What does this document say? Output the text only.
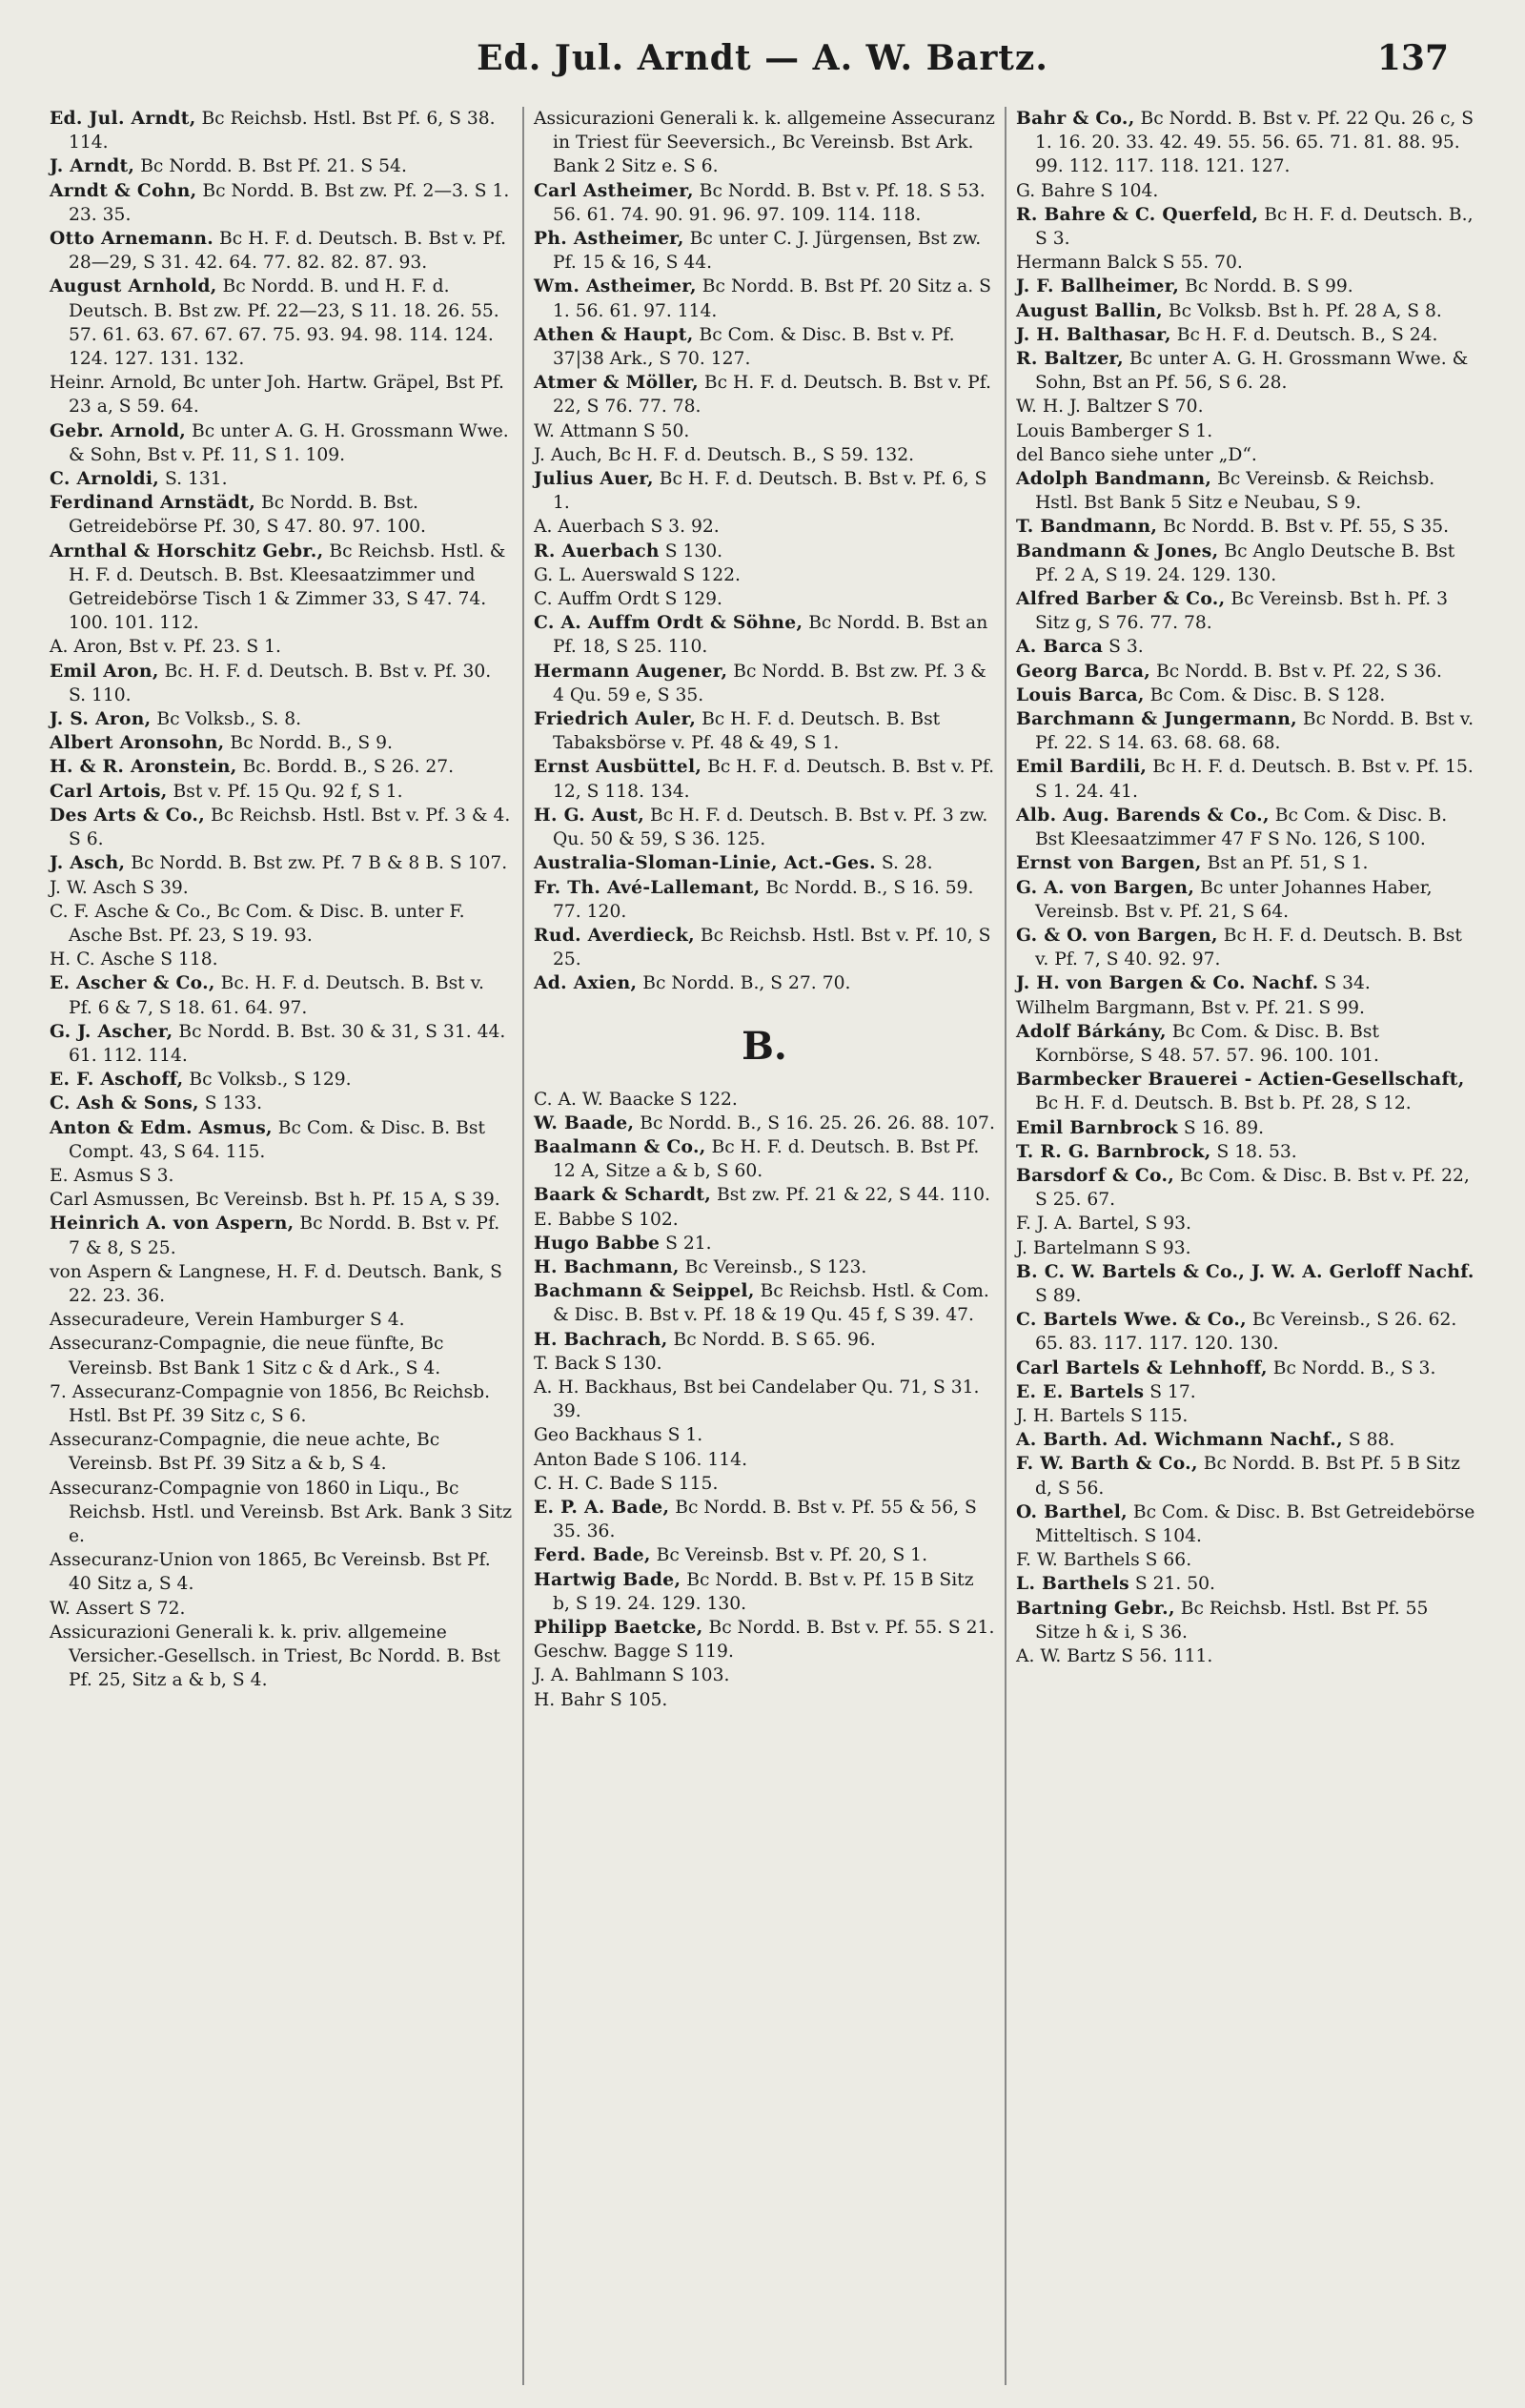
Ed. Jul. Arndt — A. W. Bartz.	137
Ed. Jul. Arndt, Bc Reichsb. Hstl. Bst Pf. 6, S 38. 114.
J. Arndt, Bc Nordd. B. Bst Pf. 21. S 54.
Arndt & Cohn, Bc Nordd. B. Bst zw. Pf. 2—3. S 1. 23. 35.
Otto Arnemann. Bc H. F. d. Deutsch. B. Bst v. Pf. 28—29, S 31. 42. 64. 77. 82. 82. 87. 93.
August Arnhold, Bc Nordd. B. und H. F. d. Deutsch. B. Bst zw. Pf. 22—23, S 11. 18. 26. 55. 57. 61. 63. 67. 67. 67. 75. 93. 94. 98. 114. 124. 124. 127. 131. 132.
Heinr. Arnold, Bc unter Joh. Hartw. Gräpel, Bst Pf. 23 a, S 59. 64.
Gebr. Arnold, Bc unter A. G. H. Grossmann Wwe. & Sohn, Bst v. Pf. 11, S 1. 109.
C. Arnoldi, S. 131.
Ferdinand Arnstädt, Bc Nordd. B. Bst. Getreidebörse Pf. 30, S 47. 80. 97. 100.
Arnthal & Horschitz Gebr., Bc Reichsb. Hstl. & H. F. d. Deutsch. B. Bst. Kleesaatzimmer und Getreidebörse Tisch 1 & Zimmer 33, S 47. 74. 100. 101. 112.
A. Aron, Bst v. Pf. 23. S 1.
Emil Aron, Bc. H. F. d. Deutsch. B. Bst v. Pf. 30. S. 110.
J. S. Aron, Bc Volksb., S. 8.
Albert Aronsohn, Bc Nordd. B., S 9.
H. & R. Aronstein, Bc. Bordd. B., S 26. 27.
Carl Artois, Bst v. Pf. 15 Qu. 92 f, S 1.
Des Arts & Co., Bc Reichsb. Hstl. Bst v. Pf. 3 & 4. S 6.
J. Asch, Bc Nordd. B. Bst zw. Pf. 7 B & 8 B. S 107.
J. W. Asch S 39.
C. F. Asche & Co., Bc Com. & Disc. B. unter F. Asche Bst. Pf. 23, S 19. 93.
H. C. Asche S 118.
E. Ascher & Co., Bc. H. F. d. Deutsch. B. Bst v. Pf. 6 & 7, S 18. 61. 64. 97.
G. J. Ascher, Bc Nordd. B. Bst. 30 & 31, S 31. 44. 61. 112. 114.
E. F. Aschoff, Bc Volksb., S 129.
C. Ash & Sons, S 133.
Anton & Edm. Asmus, Bc Com. & Disc. B. Bst Compt. 43, S 64. 115.
E. Asmus S 3.
Carl Asmussen, Bc Vereinsb. Bst h. Pf. 15 A, S 39.
Heinrich A. von Aspern, Bc Nordd. B. Bst v. Pf. 7 & 8, S 25.
von Aspern & Langnese, H. F. d. Deutsch. Bank, S 22. 23. 36.
Assecuradeure, Verein Hamburger S 4.
Assecuranz-Compagnie, die neue fünfte, Bc Vereinsb. Bst Bank 1 Sitz c & d Ark., S 4.
7. Assecuranz-Compagnie von 1856, Bc Reichsb. Hstl. Bst Pf. 39 Sitz c, S 6.
Assecuranz-Compagnie, die neue achte, Bc Vereinsb. Bst Pf. 39 Sitz a & b, S 4.
Assecuranz-Compagnie von 1860 in Liqu., Bc Reichsb. Hstl. und Vereinsb. Bst Ark. Bank 3 Sitz e.
Assecuranz-Union von 1865, Bc Vereinsb. Bst Pf. 40 Sitz a, S 4.
W. Assert S 72.
Assicurazioni Generali k. k. priv. allgemeine Versicher.-Gesellsch. in Triest, Bc Nordd. B. Bst Pf. 25, Sitz a & b, S 4.
Assicurazioni Generali k. k. allgemeine Assecuranz in Triest für Seeversich., Bc Vereinsb. Bst Ark. Bank 2 Sitz e. S 6.
Carl Astheimer, Bc Nordd. B. Bst v. Pf. 18. S 53. 56. 61. 74. 90. 91. 96. 97. 109. 114. 118.
Ph. Astheimer, Bc unter C. J. Jürgensen, Bst zw. Pf. 15 & 16, S 44.
Wm. Astheimer, Bc Nordd. B. Bst Pf. 20 Sitz a. S 1. 56. 61. 97. 114.
Athen & Haupt, Bc Com. & Disc. B. Bst v. Pf. 37|38 Ark., S 70. 127.
Atmer & Möller, Bc H. F. d. Deutsch. B. Bst v. Pf. 22, S 76. 77. 78.
W. Attmann S 50.
J. Auch, Bc H. F. d. Deutsch. B., S 59. 132.
Julius Auer, Bc H. F. d. Deutsch. B. Bst v. Pf. 6, S 1.
A. Auerbach S 3. 92.
R. Auerbach S 130.
G. L. Auerswald S 122.
C. Auffm Ordt S 129.
C. A. Auffm Ordt & Söhne, Bc Nordd. B. Bst an Pf. 18, S 25. 110.
Hermann Augener, Bc Nordd. B. Bst zw. Pf. 3 & 4 Qu. 59 e, S 35.
Friedrich Auler, Bc H. F. d. Deutsch. B. Bst Tabaksbörse v. Pf. 48 & 49, S 1.
Ernst Ausbüttel, Bc H. F. d. Deutsch. B. Bst v. Pf. 12, S 118. 134.
H. G. Aust, Bc H. F. d. Deutsch. B. Bst v. Pf. 3 zw. Qu. 50 & 59, S 36. 125.
Australia-Sloman-Linie, Act.-Ges. S. 28.
Fr. Th. Avé-Lallemant, Bc Nordd. B., S 16. 59. 77. 120.
Rud. Averdieck, Bc Reichsb. Hstl. Bst v. Pf. 10, S 25.
Ad. Axien, Bc Nordd. B., S 27. 70.
B.
C. A. W. Baacke S 122.
W. Baade, Bc Nordd. B., S 16. 25. 26. 26. 88. 107.
Baalmann & Co., Bc H. F. d. Deutsch. B. Bst Pf. 12 A, Sitze a & b, S 60.
Baark & Schardt, Bst zw. Pf. 21 & 22, S 44. 110.
E. Babbe S 102.
Hugo Babbe S 21.
H. Bachmann, Bc Vereinsb., S 123.
Bachmann & Seippel, Bc Reichsb. Hstl. & Com. & Disc. B. Bst v. Pf. 18 & 19 Qu. 45 f, S 39. 47.
H. Bachrach, Bc Nordd. B. S 65. 96.
T. Back S 130.
A. H. Backhaus, Bst bei Candelaber Qu. 71, S 31. 39.
Geo Backhaus S 1.
Anton Bade S 106. 114.
C. H. C. Bade S 115.
E. P. A. Bade, Bc Nordd. B. Bst v. Pf. 55 & 56, S 35. 36.
Ferd. Bade, Bc Vereinsb. Bst v. Pf. 20, S 1.
Hartwig Bade, Bc Nordd. B. Bst v. Pf. 15 B Sitz b, S 19. 24. 129. 130.
Philipp Baetcke, Bc Nordd. B. Bst v. Pf. 55. S 21.
Geschw. Bagge S 119.
J. A. Bahlmann S 103.
H. Bahr S 105.
Bahr & Co., Bc Nordd. B. Bst v. Pf. 22 Qu. 26 c, S 1. 16. 20. 33. 42. 49. 55. 56. 65. 71. 81. 88. 95. 99. 112. 117. 118. 121. 127.
G. Bahre S 104.
R. Bahre & C. Querfeld, Bc H. F. d. Deutsch. B., S 3.
Hermann Balck S 55. 70.
J. F. Ballheimer, Bc Nordd. B. S 99.
August Ballin, Bc Volksb. Bst h. Pf. 28 A, S 8.
J. H. Balthasar, Bc H. F. d. Deutsch. B., S 24.
R. Baltzer, Bc unter A. G. H. Grossmann Wwe. & Sohn, Bst an Pf. 56, S 6. 28.
W. H. J. Baltzer S 70.
Louis Bamberger S 1.
del Banco siehe unter „D“.
Adolph Bandmann, Bc Vereinsb. & Reichsb. Hstl. Bst Bank 5 Sitz e Neubau, S 9.
T. Bandmann, Bc Nordd. B. Bst v. Pf. 55, S 35.
Bandmann & Jones, Bc Anglo Deutsche B. Bst Pf. 2 A, S 19. 24. 129. 130.
Alfred Barber & Co., Bc Vereinsb. Bst h. Pf. 3 Sitz g, S 76. 77. 78.
A. Barca S 3.
Georg Barca, Bc Nordd. B. Bst v. Pf. 22, S 36.
Louis Barca, Bc Com. & Disc. B. S 128.
Barchmann & Jungermann, Bc Nordd. B. Bst v. Pf. 22. S 14. 63. 68. 68. 68.
Emil Bardili, Bc H. F. d. Deutsch. B. Bst v. Pf. 15. S 1. 24. 41.
Alb. Aug. Barends & Co., Bc Com. & Disc. B. Bst Kleesaatzimmer 47 F S No. 126, S 100.
Ernst von Bargen, Bst an Pf. 51, S 1.
G. A. von Bargen, Bc unter Johannes Haber, Vereinsb. Bst v. Pf. 21, S 64.
G. & O. von Bargen, Bc H. F. d. Deutsch. B. Bst v. Pf. 7, S 40. 92. 97.
J. H. von Bargen & Co. Nachf. S 34.
Wilhelm Bargmann, Bst v. Pf. 21. S 99.
Adolf Bárkány, Bc Com. & Disc. B. Bst Kornbörse, S 48. 57. 57. 96. 100. 101.
Barmbecker Brauerei - Actien-Gesellschaft, Bc H. F. d. Deutsch. B. Bst b. Pf. 28, S 12.
Emil Barnbrock S 16. 89.
T. R. G. Barnbrock, S 18. 53.
Barsdorf & Co., Bc Com. & Disc. B. Bst v. Pf. 22, S 25. 67.
F. J. A. Bartel, S 93.
J. Bartelmann S 93.
B. C. W. Bartels & Co., J. W. A. Gerloff Nachf. S 89.
C. Bartels Wwe. & Co., Bc Vereinsb., S 26. 62. 65. 83. 117. 117. 120. 130.
Carl Bartels & Lehnhoff, Bc Nordd. B., S 3.
E. E. Bartels S 17.
J. H. Bartels S 115.
A. Barth. Ad. Wichmann Nachf., S 88.
F. W. Barth & Co., Bc Nordd. B. Bst Pf. 5 B Sitz d, S 56.
O. Barthel, Bc Com. & Disc. B. Bst Getreidebörse Mitteltisch. S 104.
F. W. Barthels S 66.
L. Barthels S 21. 50.
Bartning Gebr., Bc Reichsb. Hstl. Bst Pf. 55 Sitze h & i, S 36.
A. W. Bartz S 56. 111.
